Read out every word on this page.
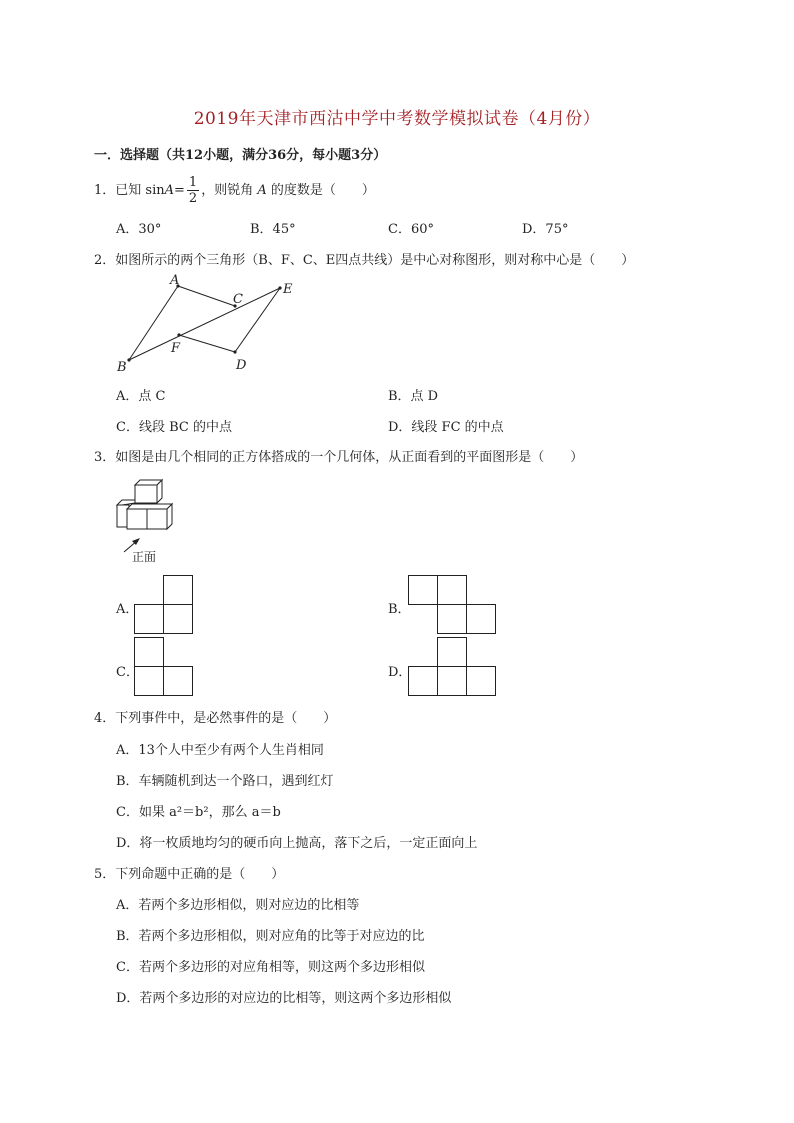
2019年天津市西沽中学中考数学模拟试卷（4月份）
一．选择题（共12小题，满分36分，每小题3分）
1．已知 $\sin A= \frac{1}{2}$ ，则锐角 A 的度数是（　　）
A．30°	B．45°	C．60°	D．75°
2．如图所示的两个三角形（B、F、C、E四点共线）是中心对称图形，则对称中心是（　　）
A
C
E
F
B	D
A．点 C	B．点 D
C．线段 BC 的中点	D．线段 FC 的中点
3．如图是由几个相同的正方体搭成的一个几何体，从正面看到的平面图形是（　　）
正面
A．	B．
C．	D．
4．下列事件中，是必然事件的是（　　）
A．13个人中至少有两个人生肖相同
B．车辆随机到达一个路口，遇到红灯
C．如果 a²＝b²，那么 a＝b
D．将一枚质地均匀的硬币向上抛高，落下之后，一定正面向上
5．下列命题中正确的是（　　）
A．若两个多边形相似，则对应边的比相等
B．若两个多边形相似，则对应角的比等于对应边的比
C．若两个多边形的对应角相等，则这两个多边形相似
D．若两个多边形的对应边的比相等，则这两个多边形相似
